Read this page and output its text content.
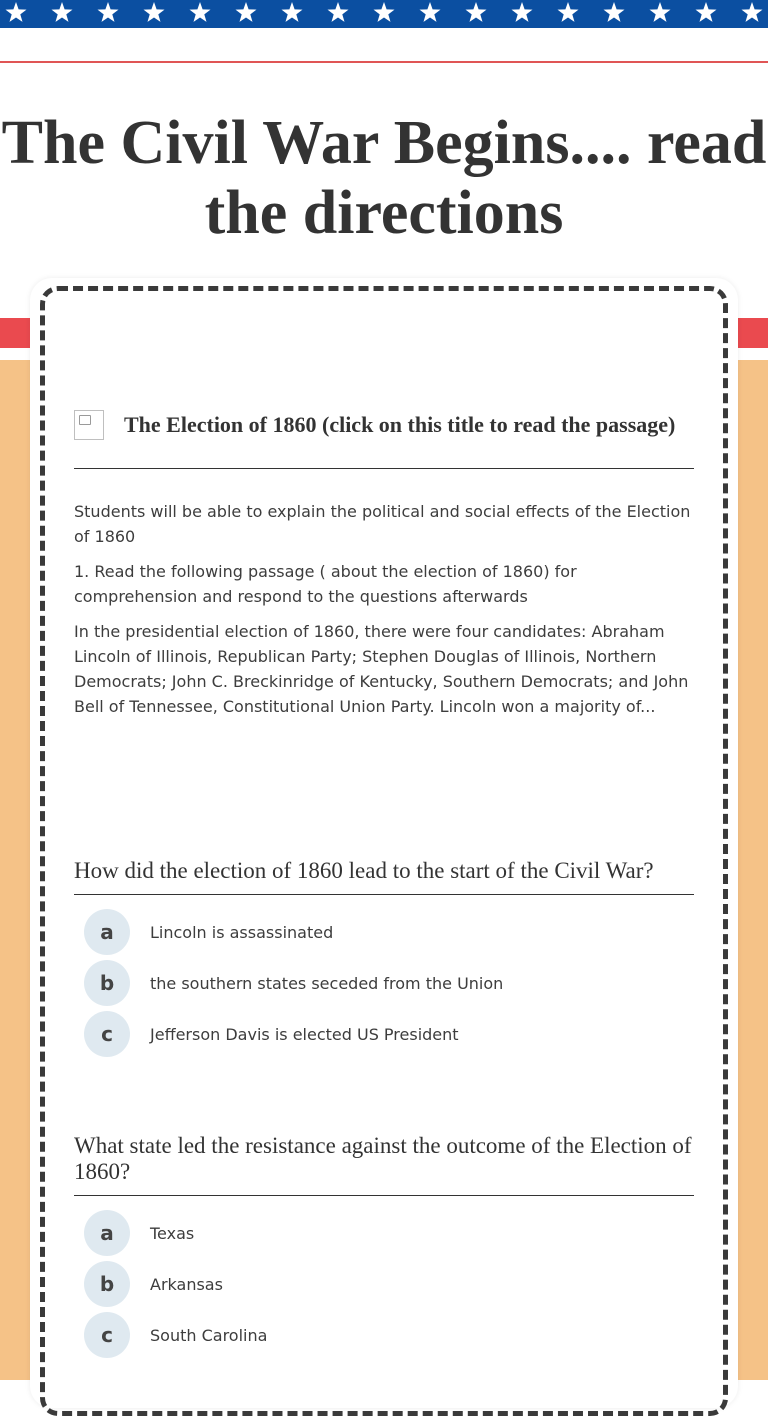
The Civil War Begins.... read the directions
The Election of 1860 (click on this title to read the passage)

Students will be able to explain the political and social effects of the Election of 1860

1. Read the following passage ( about the election of 1860) for comprehension and respond to the questions afterwards

In the presidential election of 1860, there were four candidates: Abraham Lincoln of Illinois, Republican Party; Stephen Douglas of Illinois, Northern Democrats; John C. Breckinridge of Kentucky, Southern Democrats; and John Bell of Tennessee, Constitutional Union Party. Lincoln won a majority of...

How did the election of 1860 lead to the start of the Civil War?

a	Lincoln is assassinated
b	the southern states seceded from the Union
c	Jefferson Davis is elected US President

What state led the resistance against the outcome of the Election of 1860?

a	Texas
b	Arkansas
c	South Carolina
